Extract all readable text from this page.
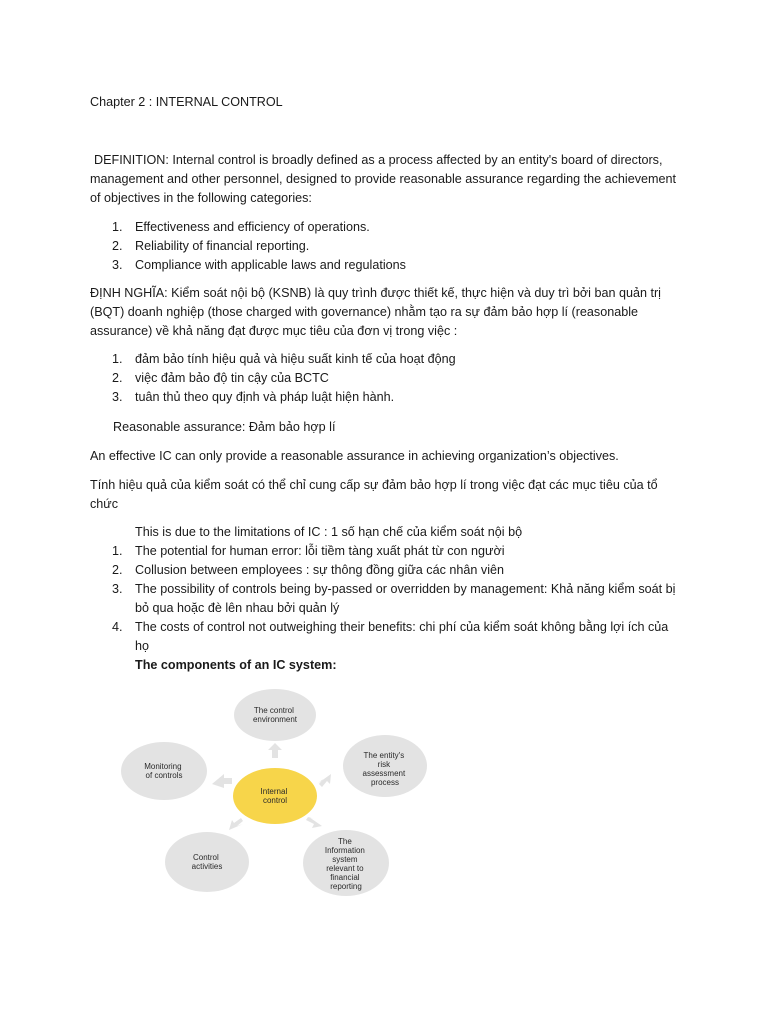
Chapter 2 : INTERNAL CONTROL
DEFINITION: Internal control is broadly defined as a process affected by an entity's board of directors, management and other personnel, designed to provide reasonable assurance regarding the achievement of objectives in the following categories:
1. Effectiveness and efficiency of operations.
2. Reliability of financial reporting.
3. Compliance with applicable laws and regulations
ĐỊNH NGHĨA: Kiểm soát nội bộ (KSNB) là quy trình được thiết kế, thực hiện và duy trì bởi ban quản trị (BQT) doanh nghiệp (those charged with governance) nhằm tạo ra sự đảm bảo hợp lí (reasonable assurance) về khả năng đạt được mục tiêu của đơn vị trong việc :
1. đảm bảo tính hiệu quả và hiệu suất kinh tế của hoạt động
2. việc đảm bảo độ tin cậy của BCTC
3. tuân thủ theo quy định và pháp luật hiện hành.
Reasonable assurance: Đảm bảo hợp lí
An effective IC can only provide a reasonable assurance in achieving organization’s objectives.
Tính hiệu quả của kiểm soát có thể chỉ cung cấp sự đảm bảo hợp lí trong việc đạt các mục tiêu của tổ chức
This is due to the limitations of IC : 1 số hạn chế của kiểm soát nội bộ
1. The potential for human error: lỗi tiềm tàng xuất phát từ con người
2. Collusion between employees : sự thông đồng giữa các nhân viên
3. The possibility of controls being by-passed or overridden by management: Khả năng kiểm soát bị bỏ qua hoặc đè lên nhau bởi quản lý
4. The costs of control not outweighing their benefits: chi phí của kiểm soát không bằng lợi ích của họ
The components of an IC system:
The control environment
The entity's risk assessment process
The Information system relevant to financial reporting
Control activities
Monitoring of controls
Internal control
